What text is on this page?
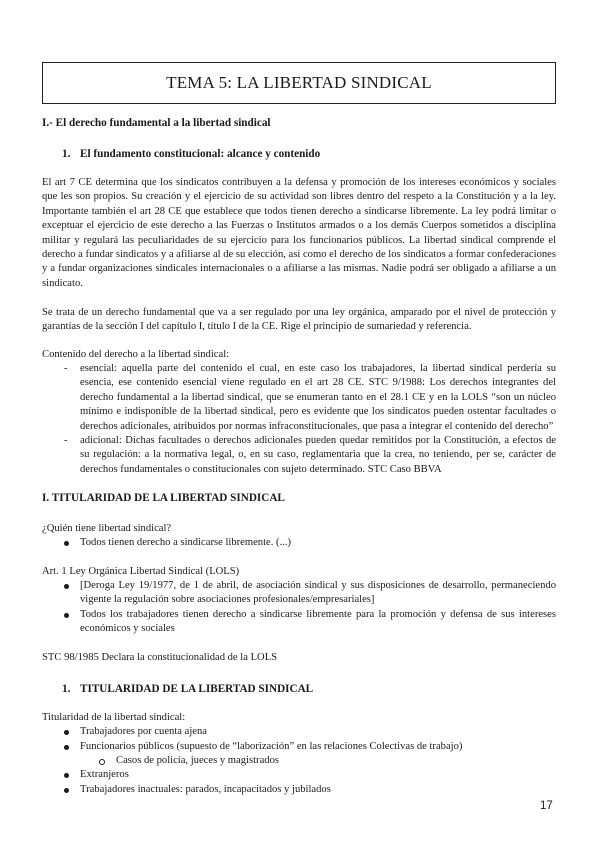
TEMA 5: LA LIBERTAD SINDICAL
I.- El derecho fundamental a la libertad sindical
1. El fundamento constitucional: alcance y contenido
El art 7 CE determina que los sindicatos contribuyen a la defensa y promoción de los intereses económicos y sociales que les son propios. Su creación y el ejercicio de su actividad son libres dentro del respeto a la Constitución y a la ley. Importante también el art 28 CE que establece que todos tienen derecho a sindicarse libremente. La ley podrá limitar o exceptuar el ejercicio de este derecho a las Fuerzas o Institutos armados o a los demás Cuerpos sometidos a disciplina militar y regulará las peculiaridades de su ejercicio para los funcionarios públicos. La libertad sindical comprende el derecho a fundar sindicatos y a afiliarse al de su elección, así como el derecho de los sindicatos a formar confederaciones y a fundar organizaciones sindicales internacionales o a afiliarse a las mismas. Nadie podrá ser obligado a afiliarse a un sindicato.
Se trata de un derecho fundamental que va a ser regulado por una ley orgánica, amparado por el nivel de protección y garantías de la sección I del capítulo I, título I de la CE. Rige el principio de sumariedad y referencia.
Contenido del derecho a la libertad sindical:
- esencial: aquella parte del contenido el cual, en este caso los trabajadores, la libertad sindical perdería su esencia, ese contenido esencial viene regulado en el art 28 CE. STC 9/1988: Los derechos integrantes del derecho fundamental a la libertad sindical, que se enumeran tanto en el 28.1 CE y en la LOLS “son un núcleo mínimo e indisponible de la libertad sindical, pero es evidente que los sindicatos pueden ostentar facultades o derechos adicionales, atribuidos por normas infraconstitucionales, que pasa a integrar el contenido del derecho”
- adicional: Dichas facultades o derechos adicionales pueden quedar remitidos por la Constitución, a efectos de su regulación: a la normativa legal, o, en su caso, reglamentaria que la crea, no teniendo, per se, carácter de derechos fundamentales o constitucionales con sujeto determinado. STC Caso BBVA
I. TITULARIDAD DE LA LIBERTAD SINDICAL
¿Quién tiene libertad sindical?
Todos tienen derecho a sindicarse libremente. (...)
Art. 1 Ley Orgánica Libertad Sindical (LOLS)
[Deroga Ley 19/1977, de 1 de abril, de asociación sindical y sus disposiciones de desarrollo, permaneciendo vigente la regulación sobre asociaciones profesionales/empresariales]
Todos los trabajadores tienen derecho a sindicarse libremente para la promoción y defensa de sus intereses económicos y sociales
STC 98/1985 Declara la constitucionalidad de la LOLS
1. TITULARIDAD DE LA LIBERTAD SINDICAL
Titularidad de la libertad sindical:
Trabajadores por cuenta ajena
Funcionarios públicos (supuesto de “laborización” en las relaciones Colectivas de trabajo)
Casos de policía, jueces y magistrados
Extranjeros
Trabajadores inactuales: parados, incapacitados y jubilados
17
